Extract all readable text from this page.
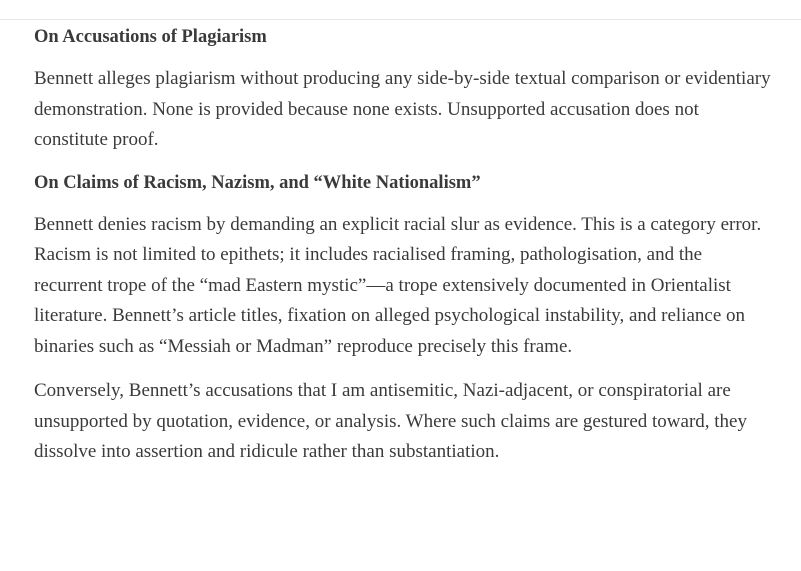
On Accusations of Plagiarism

Bennett alleges plagiarism without producing any side-by-side textual comparison or evidentiary demonstration. None is provided because none exists. Unsupported accusation does not constitute proof.

On Claims of Racism, Nazism, and “White Nationalism”

Bennett denies racism by demanding an explicit racial slur as evidence. This is a category error. Racism is not limited to epithets; it includes racialised framing, pathologisation, and the recurrent trope of the “mad Eastern mystic”—a trope extensively documented in Orientalist literature. Bennett’s article titles, fixation on alleged psychological instability, and reliance on binaries such as “Messiah or Madman” reproduce precisely this frame.

Conversely, Bennett’s accusations that I am antisemitic, Nazi-adjacent, or conspiratorial are unsupported by quotation, evidence, or analysis. Where such claims are gestured toward, they dissolve into assertion and ridicule rather than substantiation.
